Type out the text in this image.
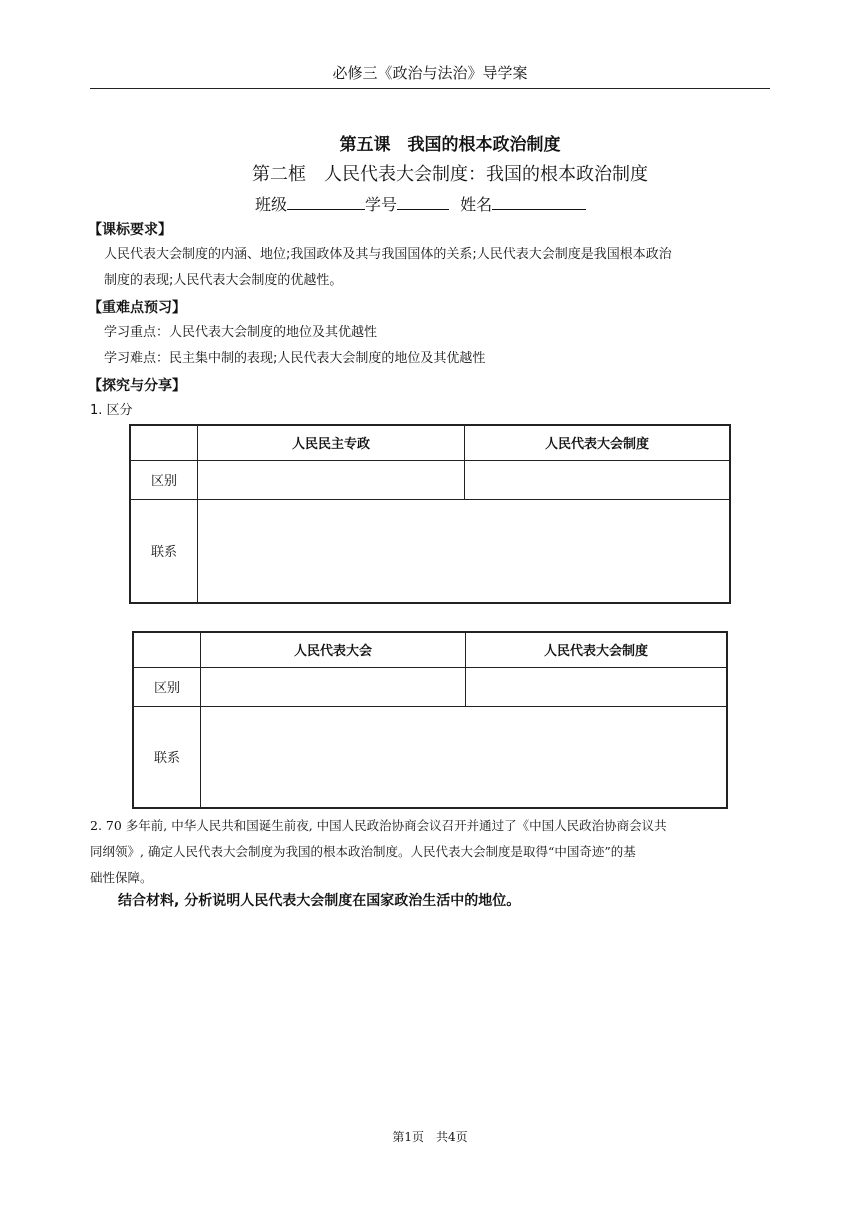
必修三《政治与法治》导学案
第五课　我国的根本政治制度
第二框　人民代表大会制度：我国的根本政治制度
班级	学号	姓名
【课标要求】
人民代表大会制度的内涵、地位;我国政体及其与我国国体的关系;人民代表大会制度是我国根本政治
制度的表现;人民代表大会制度的优越性。
【重难点预习】
学习重点：人民代表大会制度的地位及其优越性
学习难点：民主集中制的表现;人民代表大会制度的地位及其优越性
【探究与分享】
1. 区分
	人民民主专政	人民代表大会制度
区别		
联系		
	人民代表大会	人民代表大会制度
区别		
联系		
2. 70 多年前, 中华人民共和国诞生前夜, 中国人民政治协商会议召开并通过了《中国人民政治协商会议共
同纲领》, 确定人民代表大会制度为我国的根本政治制度。人民代表大会制度是取得“中国奇迹”的基
础性保障。
结合材料, 分析说明人民代表大会制度在国家政治生活中的地位。
第1页　共4页
